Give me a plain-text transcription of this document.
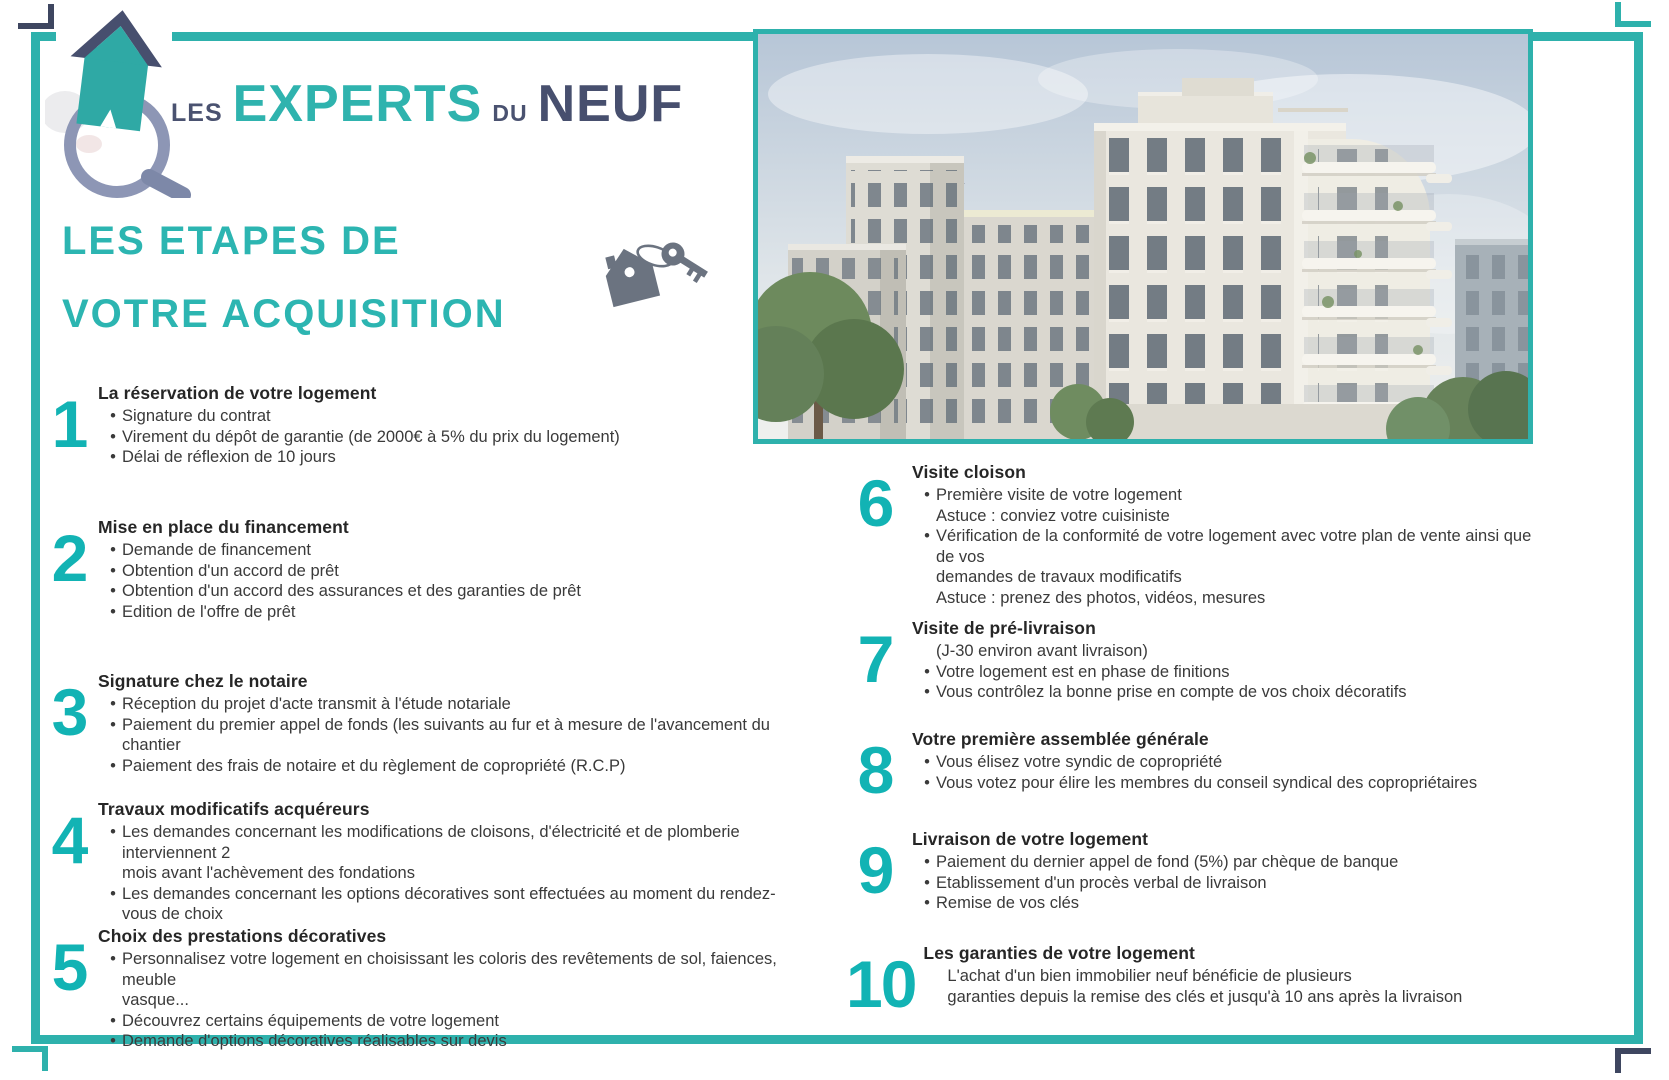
LES EXPERTS DU NEUF
LES ETAPES DE
VOTRE ACQUISITION
1 La réservation de votre logement
• Signature du contrat
• Virement du dépôt de garantie (de 2000€ à 5% du prix du logement)
• Délai de réflexion de 10 jours
2 Mise en place du financement
• Demande de financement
• Obtention d'un accord de prêt
• Obtention d'un accord des assurances et des garanties de prêt
• Edition de l'offre de prêt
3 Signature chez le notaire
• Réception du projet d'acte transmit à l'étude notariale
• Paiement du premier appel de fonds (les suivants au fur et à mesure de l'avancement du chantier
• Paiement des frais de notaire et du règlement de copropriété (R.C.P)
4 Travaux modificatifs acquéreurs
• Les demandes concernant les modifications de cloisons, d'électricité et de plomberie interviennent 2
mois avant l'achèvement des fondations
• Les demandes concernant les options décoratives sont effectuées au moment du rendez-vous de choix
5 Choix des prestations décoratives
• Personnalisez votre logement en choisissant les coloris des revêtements de sol, faiences, meuble
vasque...
• Découvrez certains équipements de votre logement
• Demande d'options décoratives réalisables sur devis
6	Visite cloison
• Première visite de votre logement
Astuce : conviez votre cuisiniste
• Vérification de la conformité de votre logement avec votre plan de vente ainsi que de vos
demandes de travaux modificatifs
Astuce : prenez des photos, vidéos, mesures
7	Visite de pré-livraison
(J-30 environ avant livraison)
• Votre logement est en phase de finitions
• Vous contrôlez la bonne prise en compte de vos choix décoratifs
8	Votre première assemblée générale
• Vous élisez votre syndic de copropriété
• Vous votez pour élire les membres du conseil syndical des copropriétaires
9	Livraison de votre logement
• Paiement du dernier appel de fond (5%) par chèque de banque
• Etablissement d'un procès verbal de livraison
• Remise de vos clés
10 Les garanties de votre logement
L'achat d'un bien immobilier neuf bénéficie de plusieurs
garanties depuis la remise des clés et jusqu'à 10 ans après la livraison
